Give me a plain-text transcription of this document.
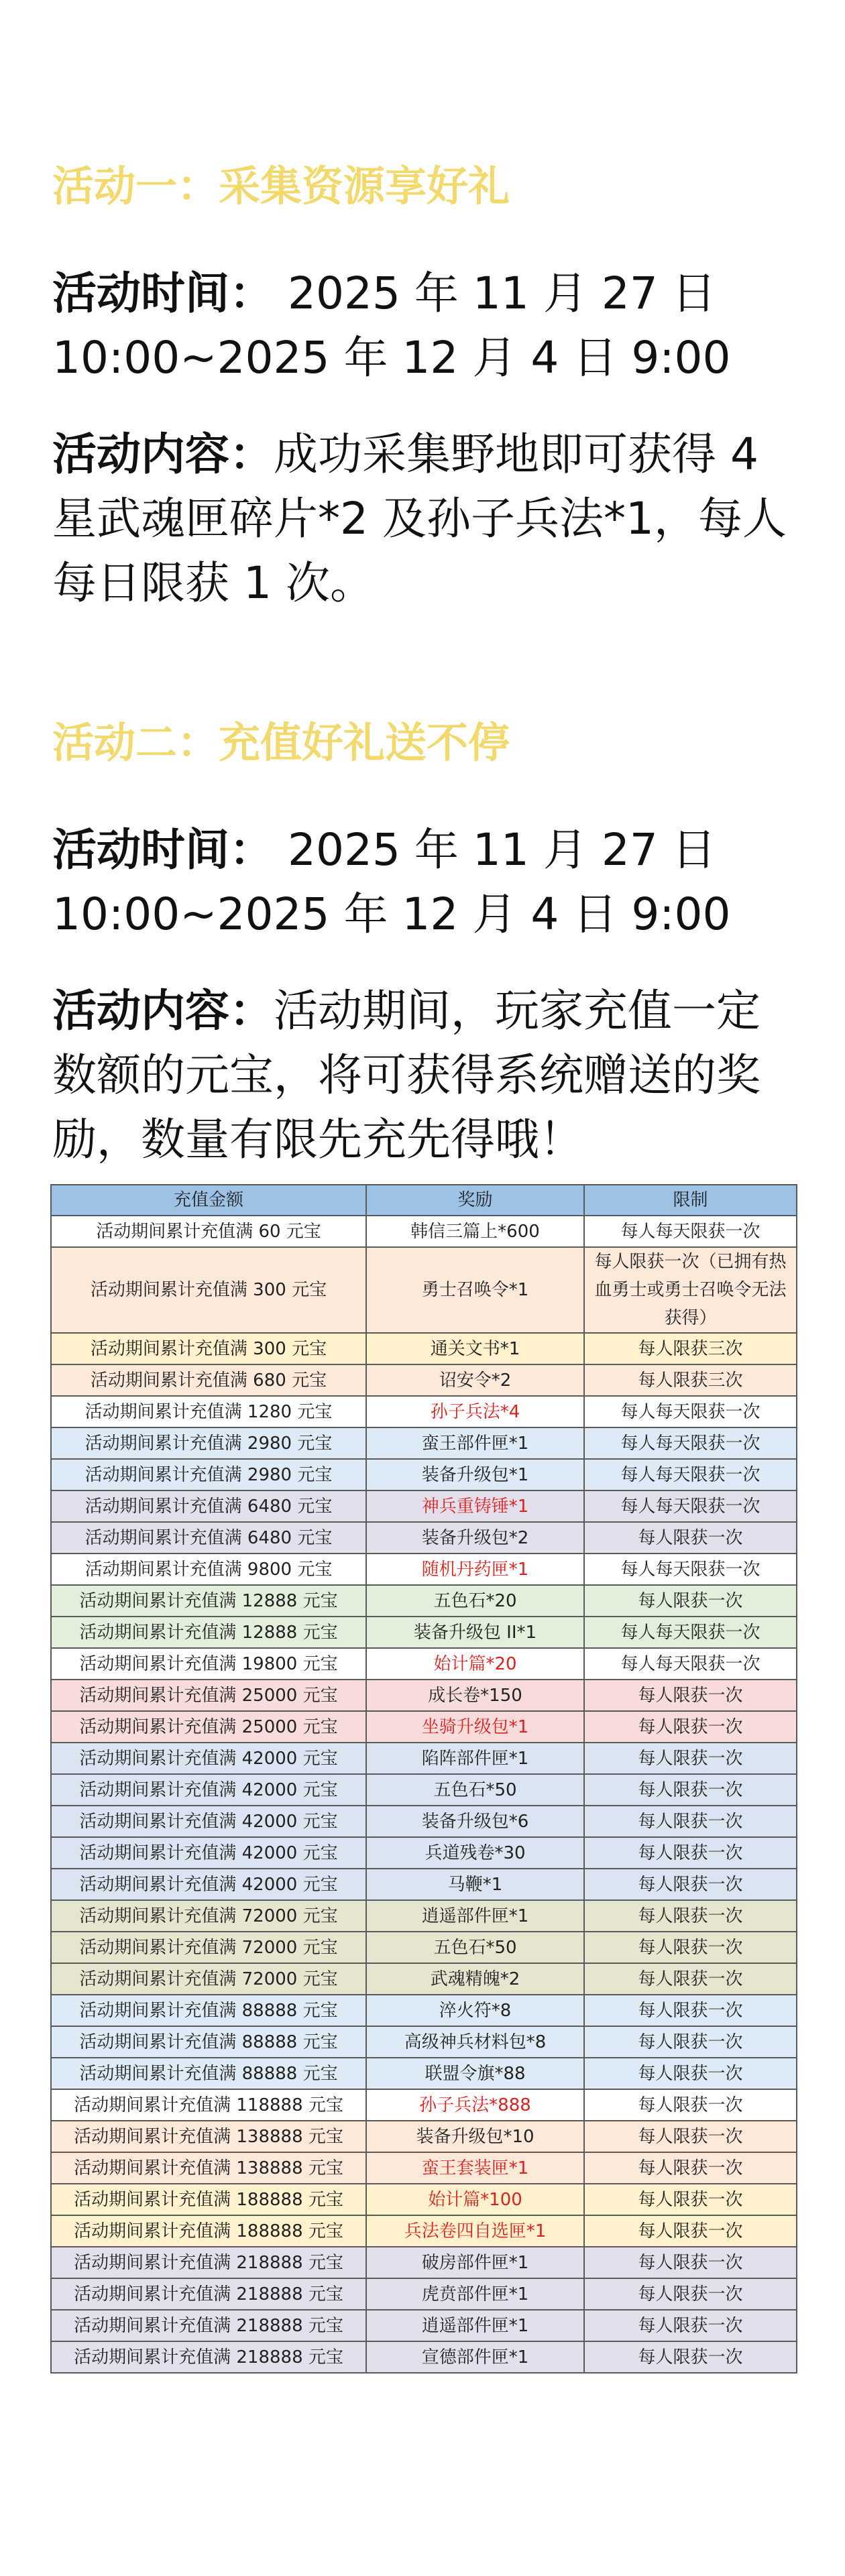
活动一：采集资源享好礼
活动时间： 2025 年 11 月 27 日 10:00~2025 年 12 月 4 日 9:00
活动内容：成功采集野地即可获得 4 星武魂匣碎片*2 及孙子兵法*1，每人每日限获 1 次。
活动二：充值好礼送不停
活动时间： 2025 年 11 月 27 日 10:00~2025 年 12 月 4 日 9:00
活动内容：活动期间，玩家充值一定数额的元宝，将可获得系统赠送的奖励，数量有限先充先得哦！
充值金额	奖励	限制
活动期间累计充值满 60 元宝	韩信三篇上*600	每人每天限获一次
活动期间累计充值满 300 元宝	勇士召唤令*1	每人限获一次（已拥有热血勇士或勇士召唤令无法获得）
活动期间累计充值满 300 元宝	通关文书*1	每人限获三次
活动期间累计充值满 680 元宝	诏安令*2	每人限获三次
活动期间累计充值满 1280 元宝	孙子兵法*4	每人每天限获一次
活动期间累计充值满 2980 元宝	蛮王部件匣*1	每人每天限获一次
活动期间累计充值满 2980 元宝	装备升级包*1	每人每天限获一次
活动期间累计充值满 6480 元宝	神兵重铸锤*1	每人每天限获一次
活动期间累计充值满 6480 元宝	装备升级包*2	每人限获一次
活动期间累计充值满 9800 元宝	随机丹药匣*1	每人每天限获一次
活动期间累计充值满 12888 元宝	五色石*20	每人限获一次
活动期间累计充值满 12888 元宝	装备升级包 II*1	每人每天限获一次
活动期间累计充值满 19800 元宝	始计篇*20	每人每天限获一次
活动期间累计充值满 25000 元宝	成长卷*150	每人限获一次
活动期间累计充值满 25000 元宝	坐骑升级包*1	每人限获一次
活动期间累计充值满 42000 元宝	陷阵部件匣*1	每人限获一次
活动期间累计充值满 42000 元宝	五色石*50	每人限获一次
活动期间累计充值满 42000 元宝	装备升级包*6	每人限获一次
活动期间累计充值满 42000 元宝	兵道残卷*30	每人限获一次
活动期间累计充值满 42000 元宝	马鞭*1	每人限获一次
活动期间累计充值满 72000 元宝	逍遥部件匣*1	每人限获一次
活动期间累计充值满 72000 元宝	五色石*50	每人限获一次
活动期间累计充值满 72000 元宝	武魂精魄*2	每人限获一次
活动期间累计充值满 88888 元宝	淬火符*8	每人限获一次
活动期间累计充值满 88888 元宝	高级神兵材料包*8	每人限获一次
活动期间累计充值满 88888 元宝	联盟令旗*88	每人限获一次
活动期间累计充值满 118888 元宝	孙子兵法*888	每人限获一次
活动期间累计充值满 138888 元宝	装备升级包*10	每人限获一次
活动期间累计充值满 138888 元宝	蛮王套装匣*1	每人限获一次
活动期间累计充值满 188888 元宝	始计篇*100	每人限获一次
活动期间累计充值满 188888 元宝	兵法卷四自选匣*1	每人限获一次
活动期间累计充值满 218888 元宝	破房部件匣*1	每人限获一次
活动期间累计充值满 218888 元宝	虎贲部件匣*1	每人限获一次
活动期间累计充值满 218888 元宝	逍遥部件匣*1	每人限获一次
活动期间累计充值满 218888 元宝	宣德部件匣*1	每人限获一次
